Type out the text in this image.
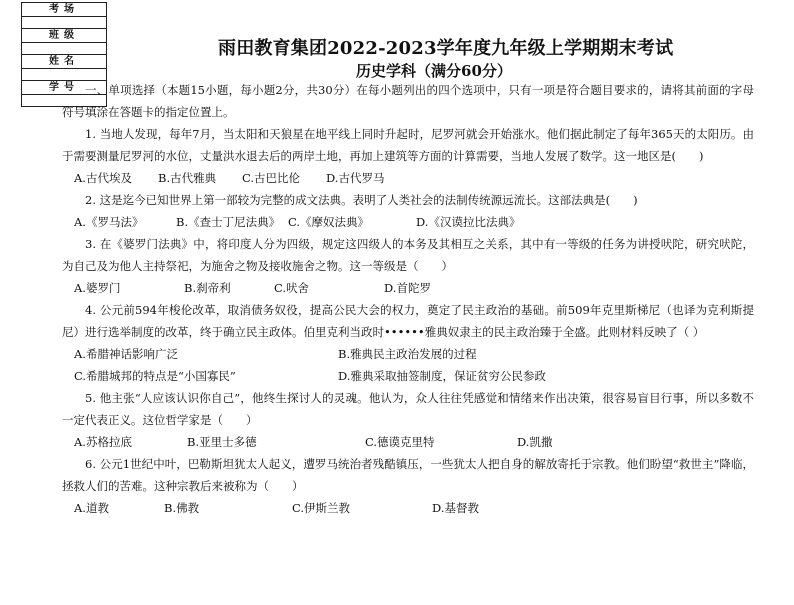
考场

班级

姓名

学号

雨田教育集团2022-2023学年度九年级上学期期末考试
历史学科（满分60分）

一、单项选择（本题15小题，每小题2分，共30分）在每小题列出的四个选项中，只有一项是符合题目要求的，请将其前面的字母符号填涂在答题卡的指定位置上。

1. 当地人发现，每年7月，当太阳和天狼星在地平线上同时升起时，尼罗河就会开始涨水。他们据此制定了每年365天的太阳历。由于需要测量尼罗河的水位，丈量洪水退去后的两岸土地，再加上建筑等方面的计算需要，当地人发展了数学。这一地区是(　　)

A.古代埃及	B.古代雅典	C.古巴比伦	D.古代罗马

2. 这是迄今已知世界上第一部较为完整的成文法典。表明了人类社会的法制传统源远流长。这部法典是(　　)

A.《罗马法》	B.《查士丁尼法典》 C.《摩奴法典》	D.《汉谟拉比法典》

3. 在《婆罗门法典》中，将印度人分为四级，规定这四级人的本务及其相互之关系，其中有一等级的任务为讲授吠陀，研究吠陀，为自己及为他人主持祭祀，为施舍之物及接收施舍之物。这一等级是（　　）

A.婆罗门	B.刹帝利	C.吠舍	D.首陀罗

4. 公元前594年梭伦改革，取消债务奴役，提高公民大会的权力，奠定了民主政治的基础。前509年克里斯梯尼（也译为克利斯提尼）进行选举制度的改革，终于确立民主政体。伯里克利当政时••••••雅典奴隶主的民主政治臻于全盛。此则材料反映了（ ）

A.希腊神话影响广泛	B.雅典民主政治发展的过程
C.希腊城邦的特点是“小国寡民”	D.雅典采取抽签制度，保证贫穷公民参政

5. 他主张“人应该认识你自己”，他终生探讨人的灵魂。他认为，众人往往凭感觉和情绪来作出决策，很容易盲目行事，所以多数不一定代表正义。这位哲学家是（　　）

A.苏格拉底	B.亚里士多德	C.德谟克里特	D.凯撒

6. 公元1世纪中叶，巴勒斯坦犹太人起义，遭罗马统治者残酷镇压，一些犹太人把自身的解放寄托于宗教。他们盼望“救世主”降临，拯救人们的苦难。这种宗教后来被称为（　　）

A.道教	B.佛教	C.伊斯兰教	D.基督教
